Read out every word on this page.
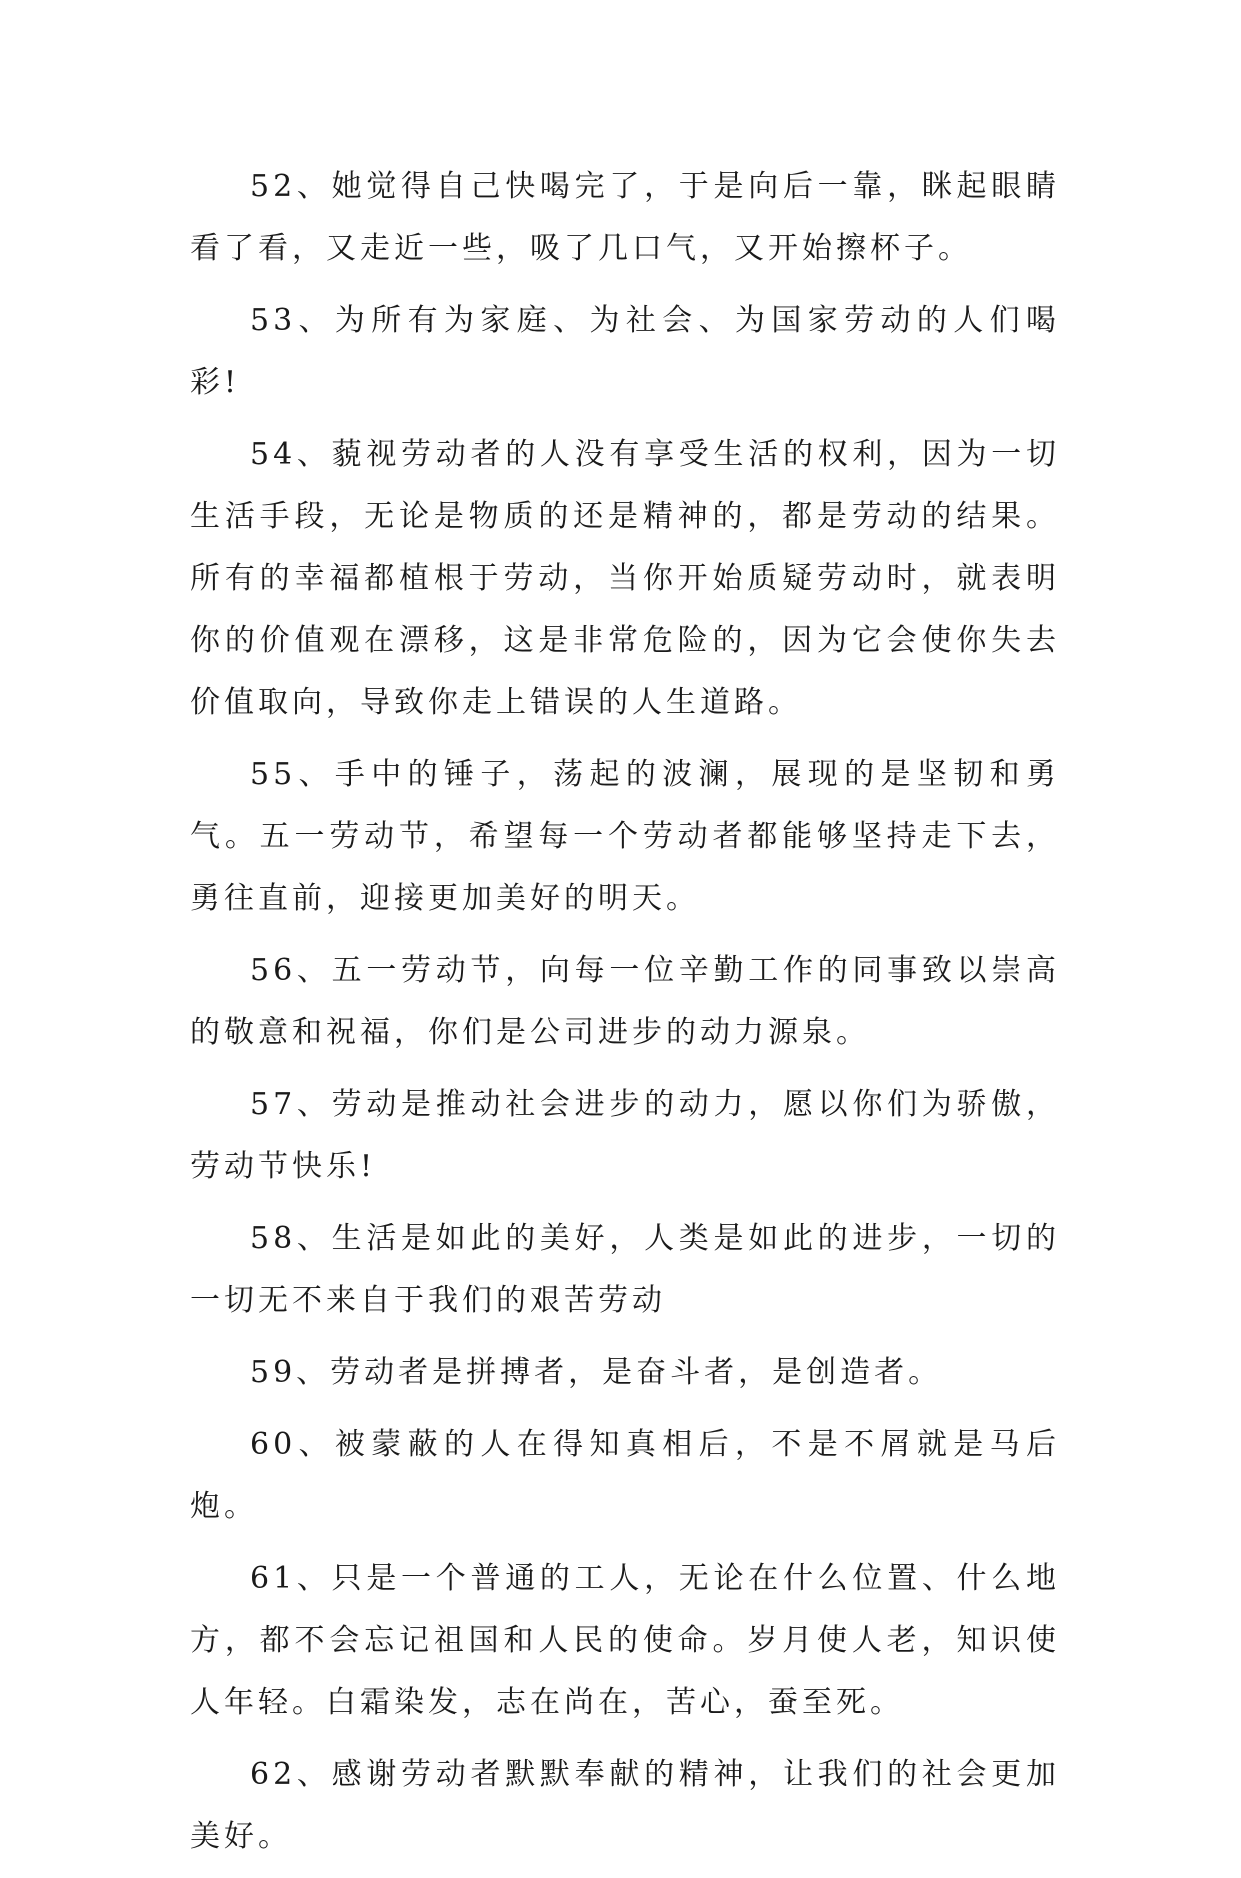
52、她觉得自己快喝完了，于是向后一靠，眯起眼睛看了看，又走近一些，吸了几口气，又开始擦杯子。

53、为所有为家庭、为社会、为国家劳动的人们喝彩!

54、藐视劳动者的人没有享受生活的权利，因为一切生活手段，无论是物质的还是精神的，都是劳动的结果。所有的幸福都植根于劳动，当你开始质疑劳动时，就表明你的价值观在漂移，这是非常危险的，因为它会使你失去价值取向，导致你走上错误的人生道路。

55、手中的锤子，荡起的波澜，展现的是坚韧和勇气。五一劳动节，希望每一个劳动者都能够坚持走下去，勇往直前，迎接更加美好的明天。

56、五一劳动节，向每一位辛勤工作的同事致以崇高的敬意和祝福，你们是公司进步的动力源泉。

57、劳动是推动社会进步的动力，愿以你们为骄傲，劳动节快乐!

58、生活是如此的美好，人类是如此的进步，一切的一切无不来自于我们的艰苦劳动

59、劳动者是拼搏者，是奋斗者，是创造者。

60、被蒙蔽的人在得知真相后，不是不屑就是马后炮。

61、只是一个普通的工人，无论在什么位置、什么地方，都不会忘记祖国和人民的使命。岁月使人老，知识使人年轻。白霜染发，志在尚在，苦心，蚕至死。

62、感谢劳动者默默奉献的精神，让我们的社会更加美好。
